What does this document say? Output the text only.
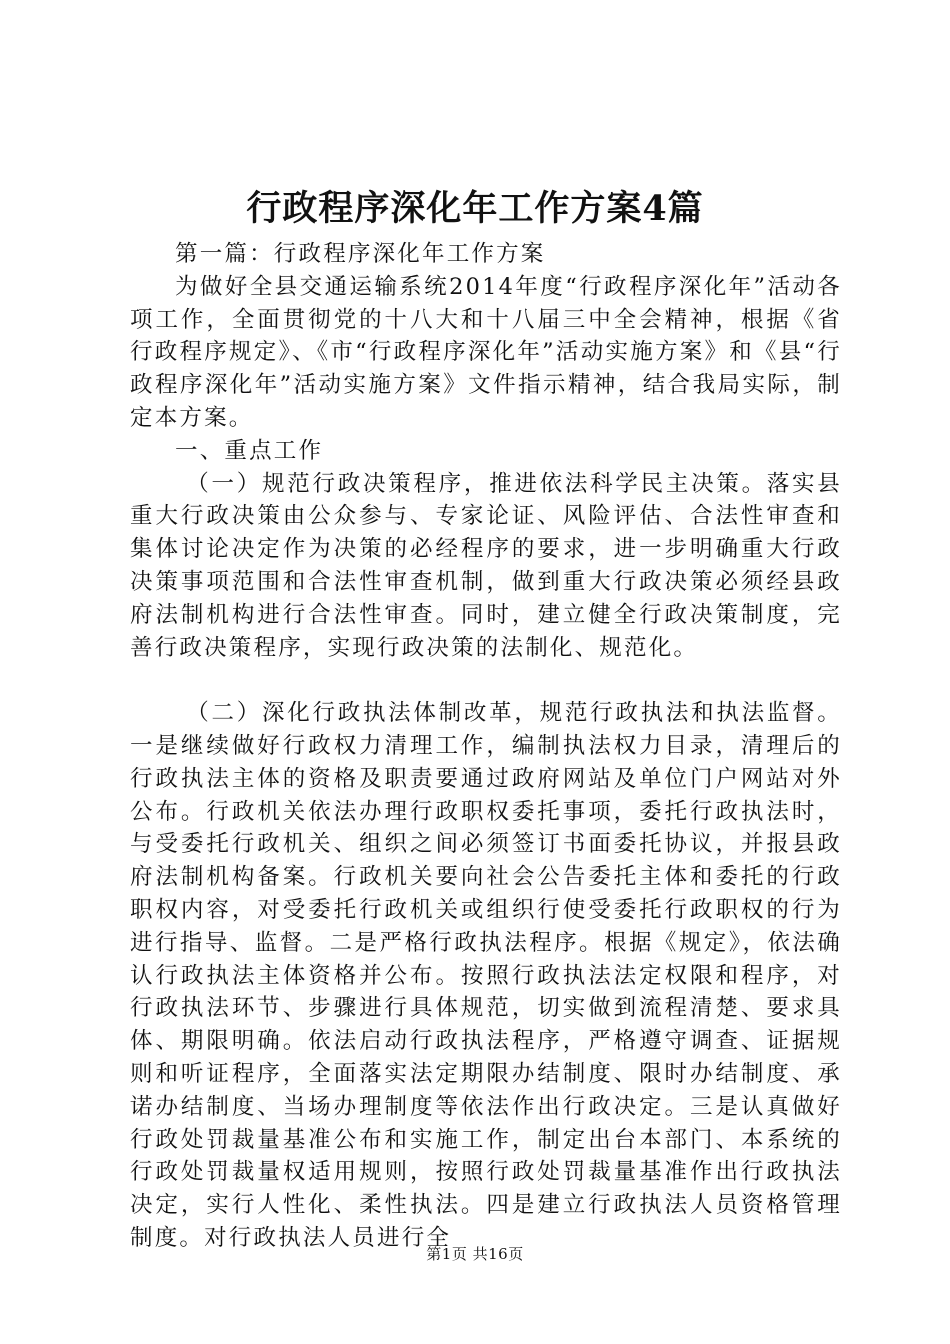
行政程序深化年工作方案4篇

第一篇：行政程序深化年工作方案

为做好全县交通运输系统2014年度“行政程序深化年”活动各项工作，全面贯彻党的十八大和十八届三中全会精神，根据《省行政程序规定》、《市“行政程序深化年”活动实施方案》和《县“行政程序深化年”活动实施方案》文件指示精神，结合我局实际，制定本方案。

一、重点工作

（一）规范行政决策程序，推进依法科学民主决策。落实县重大行政决策由公众参与、专家论证、风险评估、合法性审查和集体讨论决定作为决策的必经程序的要求，进一步明确重大行政决策事项范围和合法性审查机制，做到重大行政决策必须经县政府法制机构进行合法性审查。同时，建立健全行政决策制度，完善行政决策程序，实现行政决策的法制化、规范化。

（二）深化行政执法体制改革，规范行政执法和执法监督。一是继续做好行政权力清理工作，编制执法权力目录，清理后的行政执法主体的资格及职责要通过政府网站及单位门户网站对外公布。行政机关依法办理行政职权委托事项，委托行政执法时，与受委托行政机关、组织之间必须签订书面委托协议，并报县政府法制机构备案。行政机关要向社会公告委托主体和委托的行政职权内容，对受委托行政机关或组织行使受委托行政职权的行为进行指导、监督。二是严格行政执法程序。根据《规定》，依法确认行政执法主体资格并公布。按照行政执法法定权限和程序，对行政执法环节、步骤进行具体规范，切实做到流程清楚、要求具体、期限明确。依法启动行政执法程序，严格遵守调查、证据规则和听证程序，全面落实法定期限办结制度、限时办结制度、承诺办结制度、当场办理制度等依法作出行政决定。三是认真做好行政处罚裁量基准公布和实施工作，制定出台本部门、本系统的行政处罚裁量权适用规则，按照行政处罚裁量基准作出行政执法决定，实行人性化、柔性执法。四是建立行政执法人员资格管理制度。对行政执法人员进行全

第1页 共16页
